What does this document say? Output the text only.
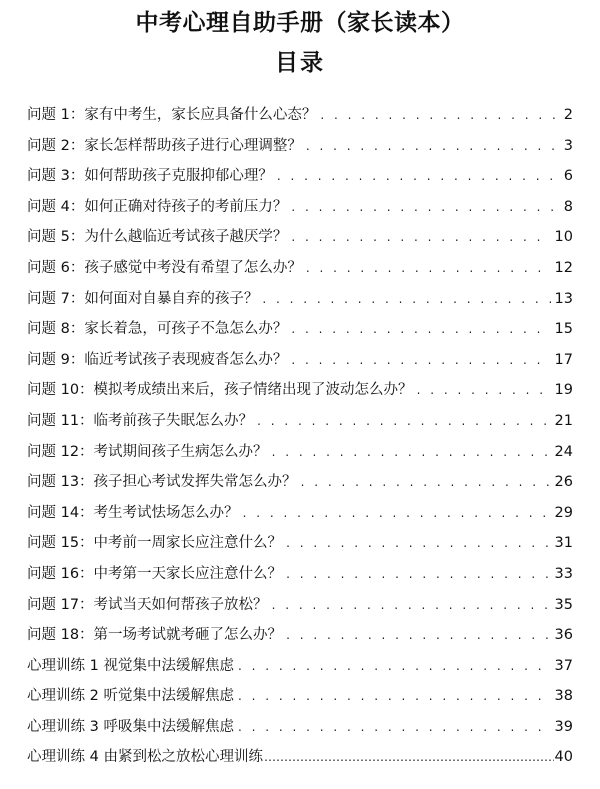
中考心理自助手册（家长读本）
目录
问题 1：家有中考生，家长应具备什么心态？ . . .	2
问题 2：家长怎样帮助孩子进行心理调整？ . . .	3
问题 3：如何帮助孩子克服抑郁心理？ . . .	6
问题 4：如何正确对待孩子的考前压力？ . . .	8
问题 5：为什么越临近考试孩子越厌学？ . . .	10
问题 6：孩子感觉中考没有希望了怎么办？ . . .	12
问题 7：如何面对自暴自弃的孩子？ . . .	13
问题 8：家长着急，可孩子不急怎么办？ . . .	15
问题 9：临近考试孩子表现疲沓怎么办？ . . .	17
问题 10：模拟考成绩出来后，孩子情绪出现了波动怎么办？ . . .	19
问题 11：临考前孩子失眠怎么办？ . . .	21
问题 12：考试期间孩子生病怎么办？ . . .	24
问题 13：孩子担心考试发挥失常怎么办？ . . .	26
问题 14：考生考试怯场怎么办？ . . .	29
问题 15：中考前一周家长应注意什么？ . . .	31
问题 16：中考第一天家长应注意什么？ . . .	33
问题 17：考试当天如何帮孩子放松？ . . .	35
问题 18：第一场考试就考砸了怎么办？ . . .	36
心理训练 1 视觉集中法缓解焦虑 . . .	37
心理训练 2 听觉集中法缓解焦虑 . . .	38
心理训练 3 呼吸集中法缓解焦虑 . . .	39
心理训练 4 由紧到松之放松心理训练 ………………………………………………………………………………………………………………………………………	40
